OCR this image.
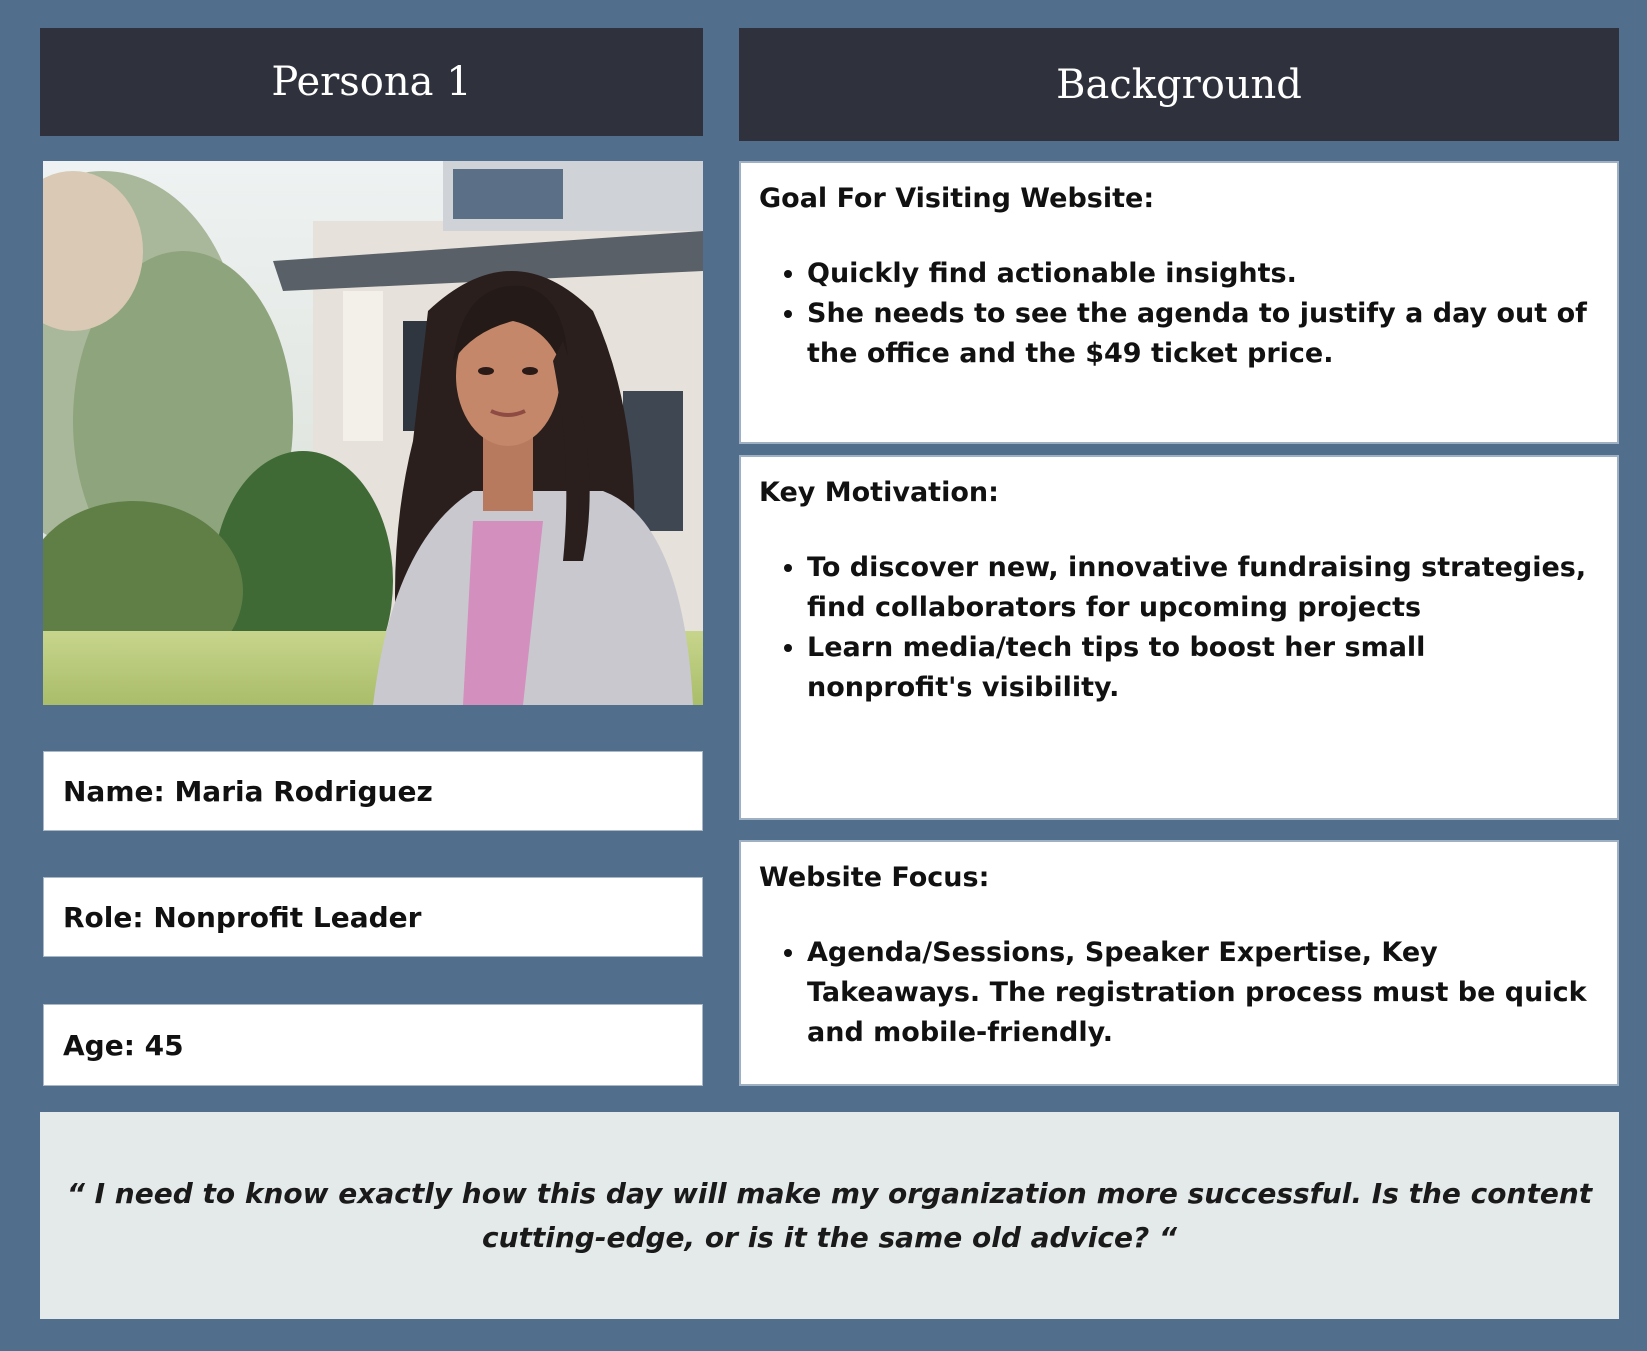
Persona 1	Background
Name: Maria Rodriguez
Role: Nonprofit Leader
Age: 45
Goal For Visiting Website:
• Quickly find actionable insights.
• She needs to see the agenda to justify a day out of the office and the $49 ticket price.
Key Motivation:
• To discover new, innovative fundraising strategies, find collaborators for upcoming projects
• Learn media/tech tips to boost her small nonprofit's visibility.
Website Focus:
• Agenda/Sessions, Speaker Expertise, Key Takeaways. The registration process must be quick and mobile-friendly.
“ I need to know exactly how this day will make my organization more successful. Is the content cutting-edge, or is it the same old advice? “
